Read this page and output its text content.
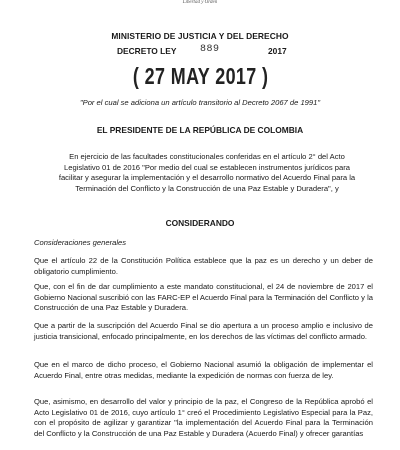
Libertad y Orden
MINISTERIO DE JUSTICIA Y DEL DERECHO
DECRETO LEY 889	2017
( 27 MAY 2017 )
"Por el cual se adiciona un artículo transitorio al Decreto 2067 de 1991"
EL PRESIDENTE DE LA REPÚBLICA DE COLOMBIA
En ejercicio de las facultades constitucionales conferidas en el artículo 2° del Acto Legislativo 01 de 2016 "Por medio del cual se establecen instrumentos jurídicos para facilitar y asegurar la implementación y el desarrollo normativo del Acuerdo Final para la Terminación del Conflicto y la Construcción de una Paz Estable y Duradera", y
CONSIDERANDO
Consideraciones generales
Que el artículo 22 de la Constitución Política establece que la paz es un derecho y un deber de obligatorio cumplimiento.
Que, con el fin de dar cumplimiento a este mandato constitucional, el 24 de noviembre de 2017 el Gobierno Nacional suscribió con las FARC-EP el Acuerdo Final para la Terminación del Conflicto y la Construcción de una Paz Estable y Duradera.
Que a partir de la suscripción del Acuerdo Final se dio apertura a un proceso amplio e inclusivo de justicia transicional, enfocado principalmente, en los derechos de las víctimas del conflicto armado.
Que en el marco de dicho proceso, el Gobierno Nacional asumió la obligación de implementar el Acuerdo Final, entre otras medidas, mediante la expedición de normas con fuerza de ley.
Que, asimismo, en desarrollo del valor y principio de la paz, el Congreso de la República aprobó el Acto Legislativo 01 de 2016, cuyo artículo 1° creó el Procedimiento Legislativo Especial para la Paz, con el propósito de agilizar y garantizar "la implementación del Acuerdo Final para la Terminación del Conflicto y la Construcción de una Paz Estable y Duradera (Acuerdo Final) y ofrecer garantías
